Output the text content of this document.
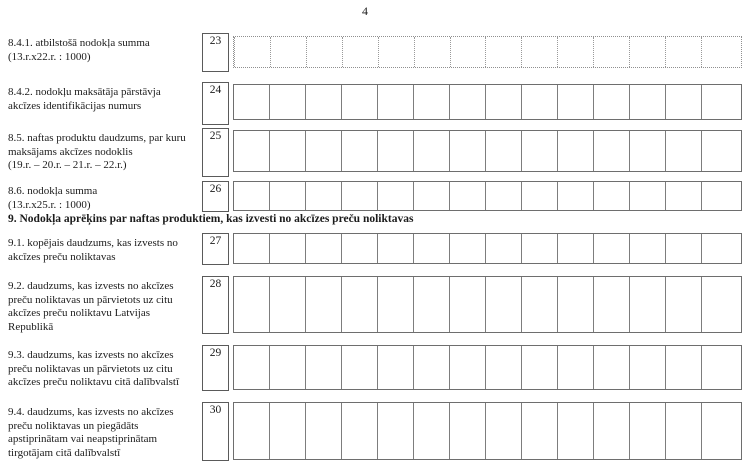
4
8.4.1. atbilstošā nodokļa summa
(13.r.x22.r. : 1000)
23
8.4.2. nodokļu maksātāja pārstāvja
akcīzes identifikācijas numurs
24
8.5. naftas produktu daudzums, par kuru
maksājams akcīzes nodoklis
(19.r. – 20.r. – 21.r. – 22.r.)
25
8.6. nodokļa summa
(13.r.x25.r. : 1000)
26
9. Nodokļa aprēķins par naftas produktiem, kas izvesti no akcīzes preču noliktavas
9.1. kopējais daudzums, kas izvests no
akcīzes preču noliktavas
27
9.2. daudzums, kas izvests no akcīzes
preču noliktavas un pārvietots uz citu
akcīzes preču noliktavu Latvijas
Republikā
28
9.3. daudzums, kas izvests no akcīzes
preču noliktavas un pārvietots uz citu
akcīzes preču noliktavu citā dalībvalstī
29
9.4. daudzums, kas izvests no akcīzes
preču noliktavas un piegādāts
apstiprinātam vai neapstiprinātam
tirgotājam citā dalībvalstī
30
